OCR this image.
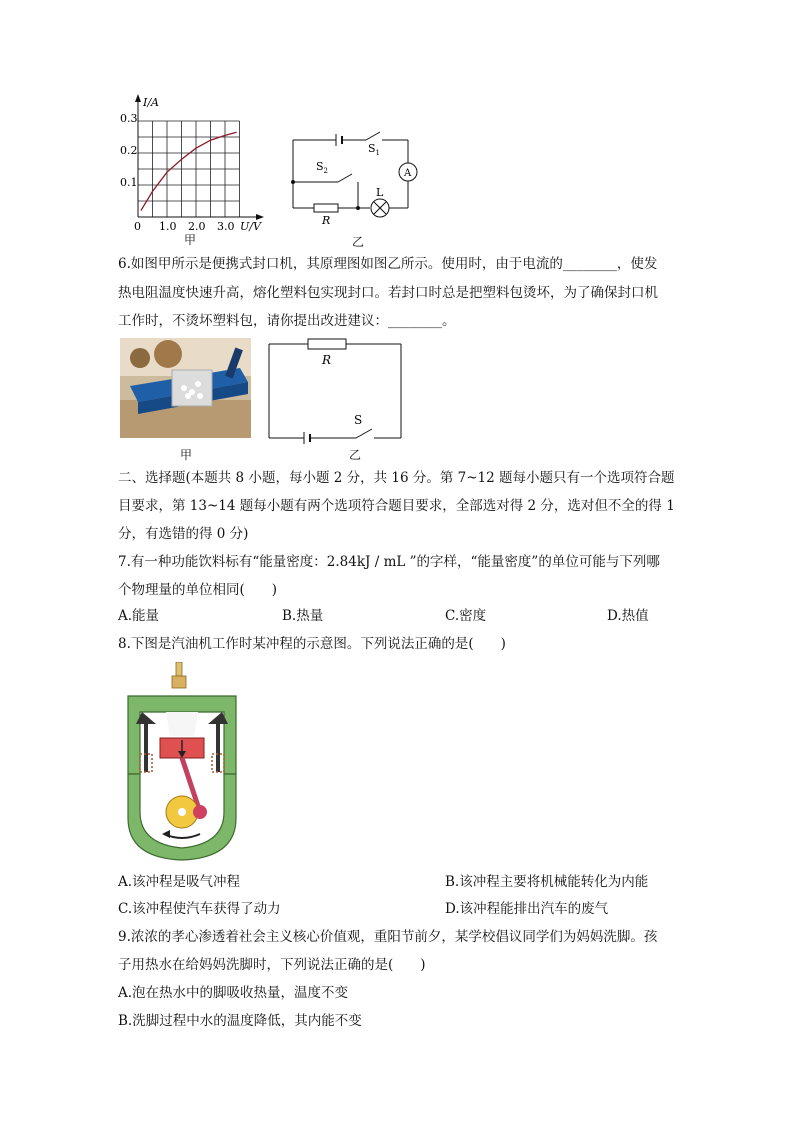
I/A
0.3
0.2
0.1
0 1.0 2.0 3.0 U/V
甲
$S_1$
A
$S_2$
L
R
乙
6.如图甲所示是便携式封口机，其原理图如图乙所示。使用时，由于电流的________，使发
热电阻温度快速升高，熔化塑料包实现封口。若封口时总是把塑料包烫坏，为了确保封口机
工作时，不烫坏塑料包，请你提出改进建议：________。
甲
R
S
乙
二、选择题(本题共 8 小题，每小题 2 分，共 16 分。第 7~12 题每小题只有一个选项符合题
目要求，第 13~14 题每小题有两个选项符合题目要求，全部选对得 2 分，选对但不全的得 1
分，有选错的得 0 分)
7.有一种功能饮料标有“能量密度：2.84kJ / mL ”的字样，“能量密度”的单位可能与下列哪
个物理量的单位相同(　　)
A.能量	B.热量	C.密度	D.热值
8.下图是汽油机工作时某冲程的示意图。下列说法正确的是(　　)
A.该冲程是吸气冲程	B.该冲程主要将机械能转化为内能
C.该冲程使汽车获得了动力	D.该冲程能排出汽车的废气
9.浓浓的孝心渗透着社会主义核心价值观，重阳节前夕，某学校倡议同学们为妈妈洗脚。孩
子用热水在给妈妈洗脚时，下列说法正确的是(　　)
A.泡在热水中的脚吸收热量，温度不变
B.洗脚过程中水的温度降低，其内能不变
